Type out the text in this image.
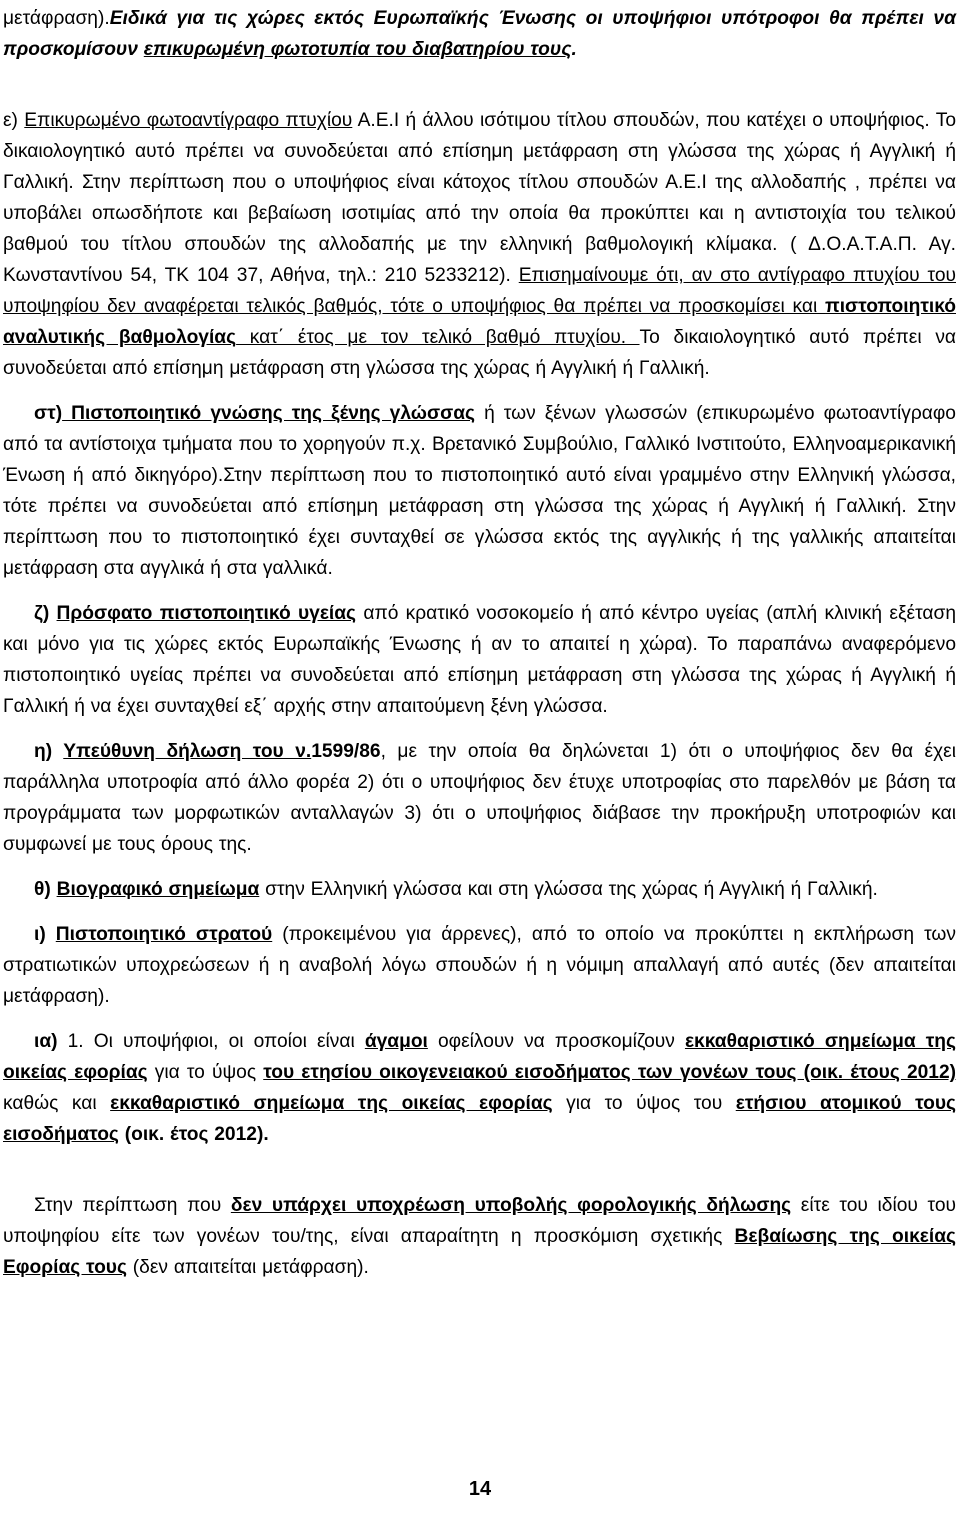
μετάφραση).Ειδικά για τις χώρες εκτός Ευρωπαϊκής Ένωσης οι υποψήφιοι υπότροφοι θα πρέπει να προσκομίσουν επικυρωμένη φωτοτυπία του διαβατηρίου τους.

ε) Επικυρωμένο φωτοαντίγραφο πτυχίου Α.Ε.Ι ή άλλου ισότιμου τίτλου σπουδών, που κατέχει ο υποψήφιος. Το δικαιολογητικό αυτό πρέπει να συνοδεύεται από επίσημη μετάφραση στη γλώσσα της χώρας ή Αγγλική ή Γαλλική. Στην περίπτωση που ο υποψήφιος είναι κάτοχος τίτλου σπουδών Α.Ε.Ι της αλλοδαπής , πρέπει να υποβάλει οπωσδήποτε και βεβαίωση ισοτιμίας από την οποία θα προκύπτει και η αντιστοιχία του τελικού βαθμού του τίτλου σπουδών της αλλοδαπής με την ελληνική βαθμολογική κλίμακα. ( Δ.Ο.Α.Τ.Α.Π. Αγ. Κωνσταντίνου 54, ΤΚ 104 37, Αθήνα, τηλ.: 210 5233212). Επισημαίνουμε ότι, αν στο αντίγραφο πτυχίου του υποψηφίου δεν αναφέρεται τελικός βαθμός, τότε ο υποψήφιος θα πρέπει να προσκομίσει και πιστοποιητικό αναλυτικής βαθμολογίας κατ΄ έτος με τον τελικό βαθμό πτυχίου. Το δικαιολογητικό αυτό πρέπει να συνοδεύεται από επίσημη μετάφραση στη γλώσσα της χώρας ή Αγγλική ή Γαλλική.

στ) Πιστοποιητικό γνώσης της ξένης γλώσσας ή των ξένων γλωσσών (επικυρωμένο φωτοαντίγραφο από τα αντίστοιχα τμήματα που το χορηγούν π.χ. Βρετανικό Συμβούλιο, Γαλλικό Ινστιτούτο, Ελληνοαμερικανική Ένωση ή από δικηγόρο).Στην περίπτωση που το πιστοποιητικό αυτό είναι γραμμένο στην Ελληνική γλώσσα, τότε πρέπει να συνοδεύεται από επίσημη μετάφραση στη γλώσσα της χώρας ή Αγγλική ή Γαλλική. Στην περίπτωση που το πιστοποιητικό έχει συνταχθεί σε γλώσσα εκτός της αγγλικής ή της γαλλικής απαιτείται μετάφραση στα αγγλικά ή στα γαλλικά.

ζ) Πρόσφατο πιστοποιητικό υγείας από κρατικό νοσοκομείο ή από κέντρο υγείας (απλή κλινική εξέταση και μόνο για τις χώρες εκτός Ευρωπαϊκής Ένωσης ή αν το απαιτεί η χώρα). Το παραπάνω αναφερόμενο πιστοποιητικό υγείας πρέπει να συνοδεύεται από επίσημη μετάφραση στη γλώσσα της χώρας ή Αγγλική ή Γαλλική ή να έχει συνταχθεί εξ΄ αρχής στην απαιτούμενη ξένη γλώσσα.

η) Υπεύθυνη δήλωση του ν.1599/86, με την οποία θα δηλώνεται 1) ότι ο υποψήφιος δεν θα έχει παράλληλα υποτροφία από άλλο φορέα 2) ότι ο υποψήφιος δεν έτυχε υποτροφίας στο παρελθόν με βάση τα προγράμματα των μορφωτικών ανταλλαγών 3) ότι ο υποψήφιος διάβασε την προκήρυξη υποτροφιών και συμφωνεί με τους όρους της.

θ) Βιογραφικό σημείωμα στην Ελληνική γλώσσα και στη γλώσσα της χώρας ή Αγγλική ή Γαλλική.

ι) Πιστοποιητικό στρατού (προκειμένου για άρρενες), από το οποίο να προκύπτει η εκπλήρωση των στρατιωτικών υποχρεώσεων ή η αναβολή λόγω σπουδών ή η νόμιμη απαλλαγή από αυτές (δεν απαιτείται μετάφραση).

ια) 1. Οι υποψήφιοι, οι οποίοι είναι άγαμοι οφείλουν να προσκομίζουν εκκαθαριστικό σημείωμα της οικείας εφορίας για το ύψος του ετησίου οικογενειακού εισοδήματος των γονέων τους (οικ. έτους 2012) καθώς και εκκαθαριστικό σημείωμα της οικείας εφορίας για το ύψος του ετήσιου ατομικού τους εισοδήματος (οικ. έτος 2012).

Στην περίπτωση που δεν υπάρχει υποχρέωση υποβολής φορολογικής δήλωσης είτε του ιδίου του υποψηφίου είτε των γονέων του/της, είναι απαραίτητη η προσκόμιση σχετικής Βεβαίωσης της οικείας Εφορίας τους (δεν απαιτείται μετάφραση).

14
